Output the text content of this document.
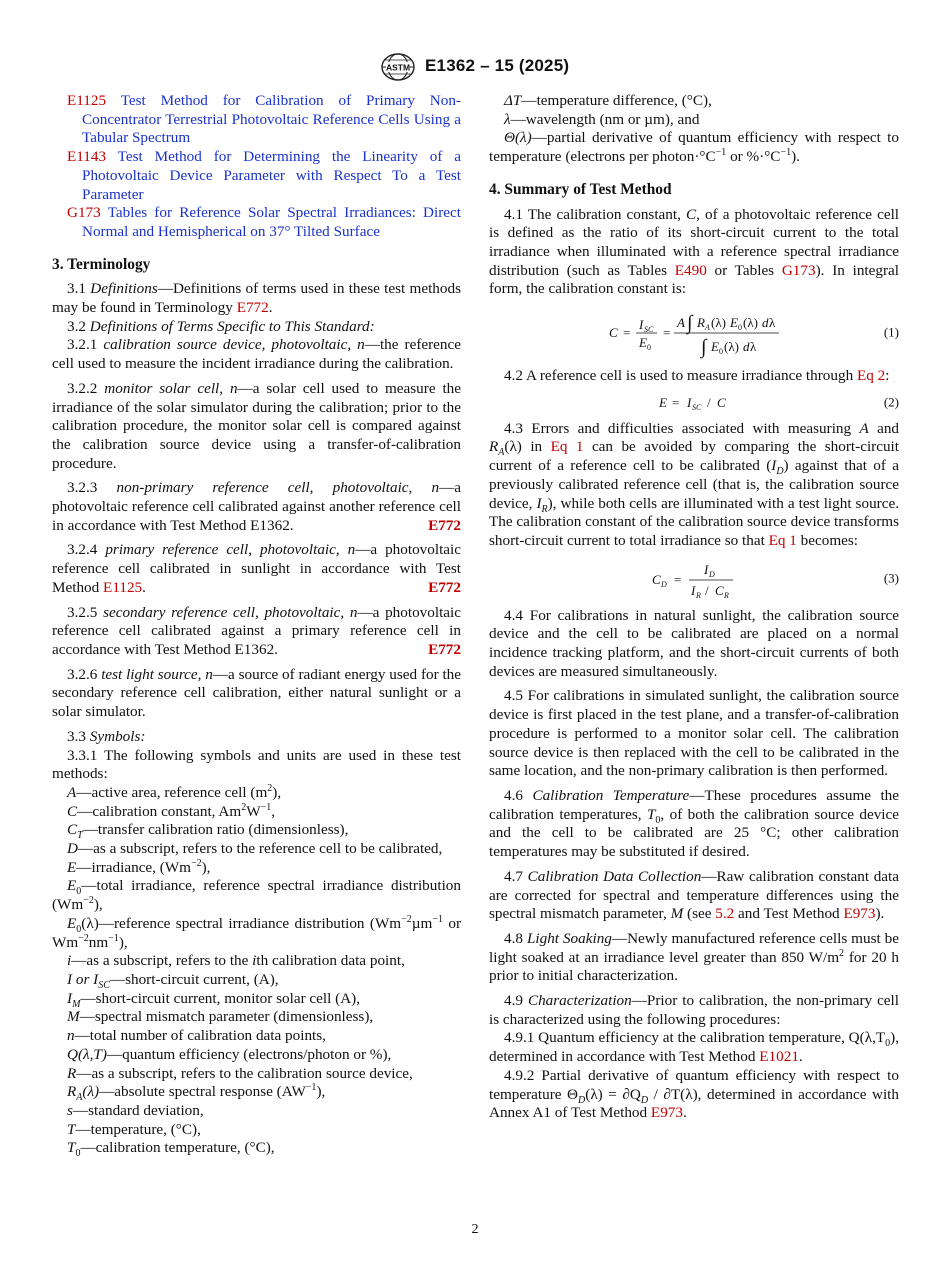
ASTM E1362 – 15 (2025)

E1125 Test Method for Calibration of Primary Non-Concentrator Terrestrial Photovoltaic Reference Cells Using a Tabular Spectrum

E1143 Test Method for Determining the Linearity of a Photovoltaic Device Parameter with Respect To a Test Parameter

G173 Tables for Reference Solar Spectral Irradiances: Direct Normal and Hemispherical on 37° Tilted Surface

3. Terminology

3.1 Definitions—Definitions of terms used in these test methods may be found in Terminology E772.

3.2 Definitions of Terms Specific to This Standard:

3.2.1 calibration source device, photovoltaic, n—the reference cell used to measure the incident irradiance during the calibration.

3.2.2 monitor solar cell, n—a solar cell used to measure the irradiance of the solar simulator during the calibration; prior to the calibration procedure, the monitor solar cell is compared against the calibration source device using a transfer-of-calibration procedure.

3.2.3 non-primary reference cell, photovoltaic, n—a photovoltaic reference cell calibrated against another reference cell in accordance with Test Method E1362.	E772

3.2.4 primary reference cell, photovoltaic, n—a photovoltaic reference cell calibrated in sunlight in accordance with Test Method E1125.	E772

3.2.5 secondary reference cell, photovoltaic, n—a photovoltaic reference cell calibrated against a primary reference cell in accordance with Test Method E1362.	E772

3.2.6 test light source, n—a source of radiant energy used for the secondary reference cell calibration, either natural sunlight or a solar simulator.

3.3 Symbols:

3.3.1 The following symbols and units are used in these test methods:

A—active area, reference cell $(m^2)$,

C—calibration constant, $Am^2W^{-1}$,

$C_T—transfer$ calibration ratio (dimensionless),

D—as a subscript, refers to the reference cell to be calibrated,

E—irradiance, $(Wm^{-2})$,

$E_0—total$ irradiance, reference spectral irradiance distribution $(Wm^{-2})$,

$E_0(\lambda)—reference$ spectral irradiance distribution ($Wm^{-2}\mu m^{-1}$ or $Wm^{-2}nm^{-1}$),

i—as a subscript, refers to the ith calibration data point,

I or $I_{SC}—short$-circuit current, (A),

$I_M—short$-circuit current, monitor solar cell (A),

M—spectral mismatch parameter (dimensionless),

n—total number of calibration data points,

Q(λ,T)—quantum efficiency (electrons/photon or %),

R—as a subscript, refers to the calibration source device,

$R_A(\lambda)—absolute$ spectral response $(AW^{-1})$,

s—standard deviation,

T—temperature, (°C),

$T_0—calibration$ temperature, (°C),

ΔT—temperature difference, (°C),

λ—wavelength (nm or µm), and

Θ(λ)—partial derivative of quantum efficiency with respect to temperature (electrons per $photon\cdot^\circ C^{-1}$ or $\%\cdot^\circ C^{-1}$).

4. Summary of Test Method

4.1 The calibration constant, C, of a photovoltaic reference cell is defined as the ratio of its short-circuit current to the total irradiance when illuminated with a reference spectral irradiance distribution (such as Tables E490 or Tables G173). In integral form, the calibration constant is:

C =
I SC
E 0
=
A ∫ R A (λ) E 0 (λ) d λ
∫ E 0 (λ) d λ
(1)

4.2 A reference cell is used to measure irradiance through Eq 2:

E = I SC / C	(2)

4.3 Errors and difficulties associated with measuring A and $R_A(\lambda)$ in Eq 1 can be avoided by comparing the short-circuit current of a reference cell to be calibrated $(I_D)$ against that of a previously calibrated reference cell (that is, the calibration source device, $I_R$), while both cells are illuminated with a test light source. The calibration constant of the calibration source device transforms short-circuit current to total irradiance so that Eq 1 becomes:

C D =
I D
I R / C R
(3)

4.4 For calibrations in natural sunlight, the calibration source device and the cell to be calibrated are placed on a normal incidence tracking platform, and the short-circuit currents of both devices are measured simultaneously.

4.5 For calibrations in simulated sunlight, the calibration source device is first placed in the test plane, and a transfer-of-calibration procedure is performed to a monitor solar cell. The calibration source device is then replaced with the cell to be calibrated in the same location, and the non-primary calibration is then performed.

4.6 Calibration Temperature—These procedures assume the calibration temperatures, $T_0$, of both the calibration source device and the cell to be calibrated are 25 °C; other calibration temperatures may be substituted if desired.

4.7 Calibration Data Collection—Raw calibration constant data are corrected for spectral and temperature differences using the spectral mismatch parameter, M (see 5.2 and Test Method E973).

4.8 Light Soaking—Newly manufactured reference cells must be light soaked at an irradiance level greater than 850 $W/m^2$ for 20 h prior to initial characterization.

4.9 Characterization—Prior to calibration, the non-primary cell is characterized using the following procedures:

4.9.1 Quantum efficiency at the calibration temperature, $Q(\lambda,T_0)$, determined in accordance with Test Method E1021.

4.9.2 Partial derivative of quantum efficiency with respect to temperature $\Theta_D(\lambda) = \partial Q_D / \partial T(\lambda)$, determined in accordance with Annex A1 of Test Method E973.

2
